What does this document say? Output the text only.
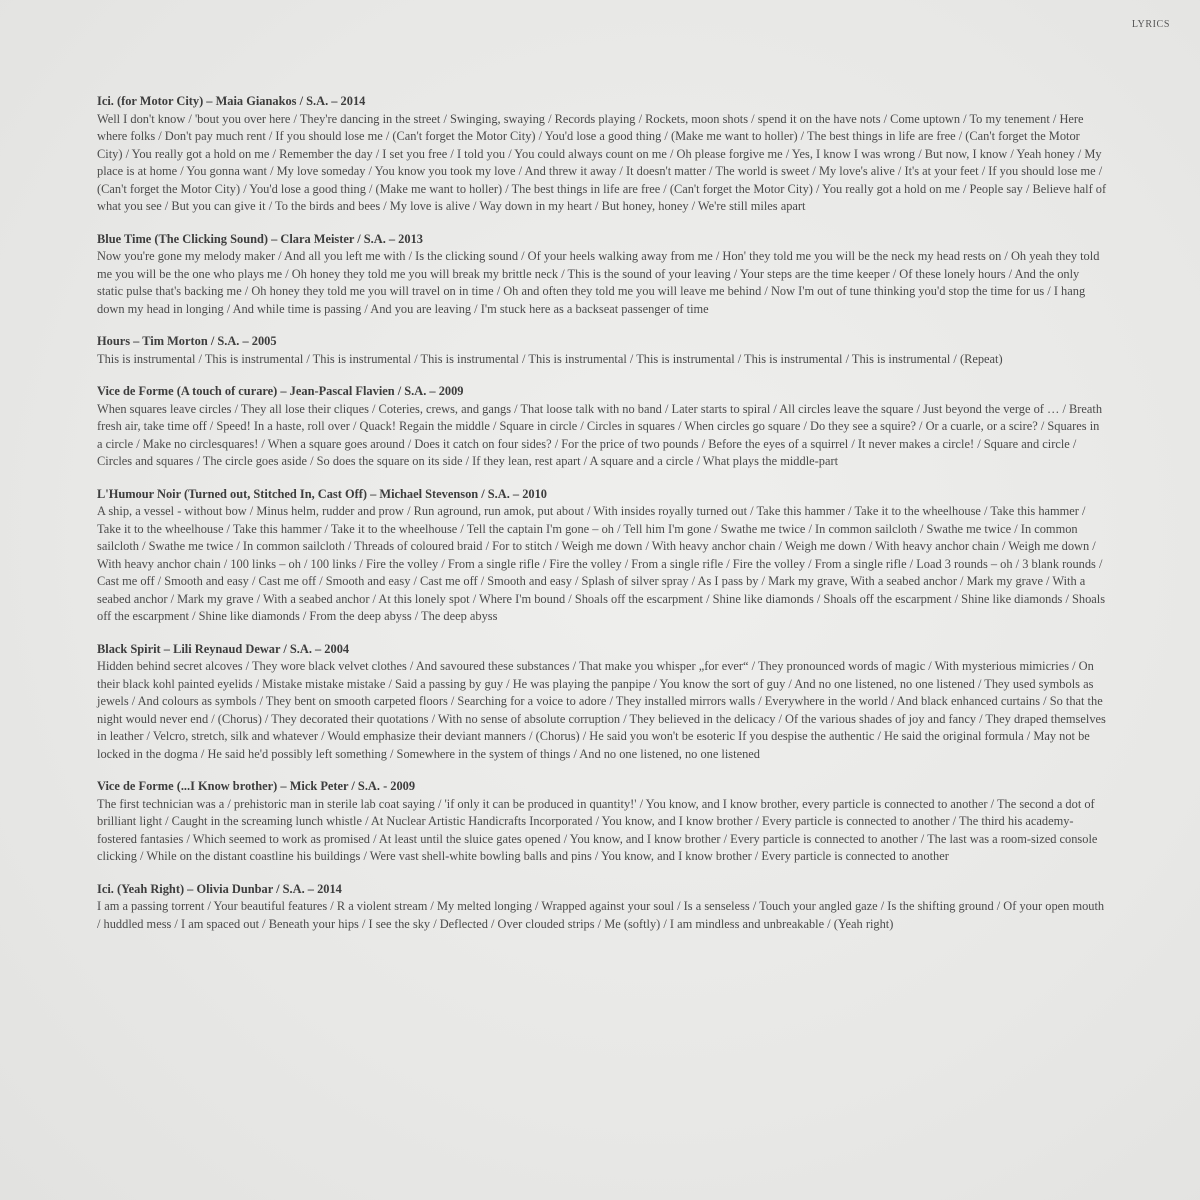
LYRICS

Ici. (for Motor City) – Maia Gianakos / S.A. – 2014

Well I don't know / 'bout you over here / They're dancing in the street / Swinging, swaying / Records playing / Rockets, moon shots / spend it on the have nots / Come uptown / To my tenement / Here where folks / Don't pay much rent / If you should lose me / (Can't forget the Motor City) / You'd lose a good thing / (Make me want to holler) / The best things in life are free / (Can't forget the Motor City) / You really got a hold on me / Remember the day / I set you free / I told you / You could always count on me / Oh please forgive me / Yes, I know I was wrong / But now, I know / Yeah honey / My place is at home / You gonna want / My love someday / You know you took my love / And threw it away / It doesn't matter / The world is sweet / My love's alive / It's at your feet / If you should lose me / (Can't forget the Motor City) / You'd lose a good thing / (Make me want to holler) / The best things in life are free / (Can't forget the Motor City) / You really got a hold on me / People say / Believe half of what you see / But you can give it / To the birds and bees / My love is alive / Way down in my heart / But honey, honey / We're still miles apart

Blue Time (The Clicking Sound) – Clara Meister / S.A. – 2013

Now you're gone my melody maker / And all you left me with / Is the clicking sound / Of your heels walking away from me / Hon' they told me you will be the neck my head rests on / Oh yeah they told me you will be the one who plays me / Oh honey they told me you will break my brittle neck / This is the sound of your leaving / Your steps are the time keeper / Of these lonely hours / And the only static pulse that's backing me / Oh honey they told me you will travel on in time / Oh and often they told me you will leave me behind / Now I'm out of tune thinking you'd stop the time for us / I hang down my head in longing / And while time is passing / And you are leaving / I'm stuck here as a backseat passenger of time

Hours – Tim Morton / S.A. – 2005

This is instrumental / This is instrumental / This is instrumental / This is instrumental / This is instrumental / This is instrumental / This is instrumental / This is instrumental / (Repeat)

Vice de Forme (A touch of curare) – Jean-Pascal Flavien / S.A. – 2009

When squares leave circles / They all lose their cliques / Coteries, crews, and gangs / That loose talk with no band / Later starts to spiral / All circles leave the square / Just beyond the verge of … / Breath fresh air, take time off / Speed! In a haste, roll over / Quack! Regain the middle / Square in circle / Circles in squares / When circles go square / Do they see a squire? / Or a cuarle, or a scire? / Squares in a circle / Make no circlesquares! / When a square goes around / Does it catch on four sides? / For the price of two pounds / Before the eyes of a squirrel / It never makes a circle! / Square and circle / Circles and squares / The circle goes aside / So does the square on its side / If they lean, rest apart / A square and a circle / What plays the middle-part

L'Humour Noir (Turned out, Stitched In, Cast Off) – Michael Stevenson / S.A. – 2010

A ship, a vessel - without bow / Minus helm, rudder and prow / Run aground, run amok, put about / With insides royally turned out / Take this hammer / Take it to the wheelhouse / Take this hammer / Take it to the wheelhouse / Take this hammer / Take it to the wheelhouse / Tell the captain I'm gone – oh / Tell him I'm gone / Swathe me twice / In common sailcloth / Swathe me twice / In common sailcloth / Swathe me twice / In common sailcloth / Threads of coloured braid / For to stitch / Weigh me down / With heavy anchor chain / Weigh me down / With heavy anchor chain / Weigh me down / With heavy anchor chain / 100 links – oh / 100 links / Fire the volley / From a single rifle / Fire the volley / From a single rifle / Fire the volley / From a single rifle / Load 3 rounds – oh / 3 blank rounds / Cast me off / Smooth and easy / Cast me off / Smooth and easy / Cast me off / Smooth and easy / Splash of silver spray / As I pass by / Mark my grave, With a seabed anchor / Mark my grave / With a seabed anchor / Mark my grave / With a seabed anchor / At this lonely spot / Where I'm bound / Shoals off the escarpment / Shine like diamonds / Shoals off the escarpment / Shine like diamonds / Shoals off the escarpment / Shine like diamonds / From the deep abyss / The deep abyss

Black Spirit – Lili Reynaud Dewar / S.A. – 2004

Hidden behind secret alcoves / They wore black velvet clothes / And savoured these substances / That make you whisper „for ever“ / They pronounced words of magic / With mysterious mimicries / On their black kohl painted eyelids / Mistake mistake mistake / Said a passing by guy / He was playing the panpipe / You know the sort of guy / And no one listened, no one listened / They used symbols as jewels / And colours as symbols / They bent on smooth carpeted floors / Searching for a voice to adore / They installed mirrors walls / Everywhere in the world / And black enhanced curtains / So that the night would never end / (Chorus) / They decorated their quotations / With no sense of absolute corruption / They believed in the delicacy / Of the various shades of joy and fancy / They draped themselves in leather / Velcro, stretch, silk and whatever / Would emphasize their deviant manners / (Chorus) / He said you won't be esoteric If you despise the authentic / He said the original formula / May not be locked in the dogma / He said he'd possibly left something / Somewhere in the system of things / And no one listened, no one listened

Vice de Forme (...I Know brother) – Mick Peter / S.A. - 2009

The first technician was a / prehistoric man in sterile lab coat saying / 'if only it can be produced in quantity!' / You know, and I know brother, every particle is connected to another / The second a dot of brilliant light / Caught in the screaming lunch whistle / At Nuclear Artistic Handicrafts Incorporated / You know, and I know brother / Every particle is connected to another / The third his academy-fostered fantasies / Which seemed to work as promised / At least until the sluice gates opened / You know, and I know brother / Every particle is connected to another / The last was a room-sized console clicking / While on the distant coastline his buildings / Were vast shell-white bowling balls and pins / You know, and I know brother / Every particle is connected to another

Ici. (Yeah Right) – Olivia Dunbar / S.A. – 2014

I am a passing torrent / Your beautiful features / R a violent stream / My melted longing / Wrapped against your soul / Is a senseless / Touch your angled gaze / Is the shifting ground / Of your open mouth / huddled mess / I am spaced out / Beneath your hips / I see the sky / Deflected / Over clouded strips / Me (softly) / I am mindless and unbreakable / (Yeah right)
